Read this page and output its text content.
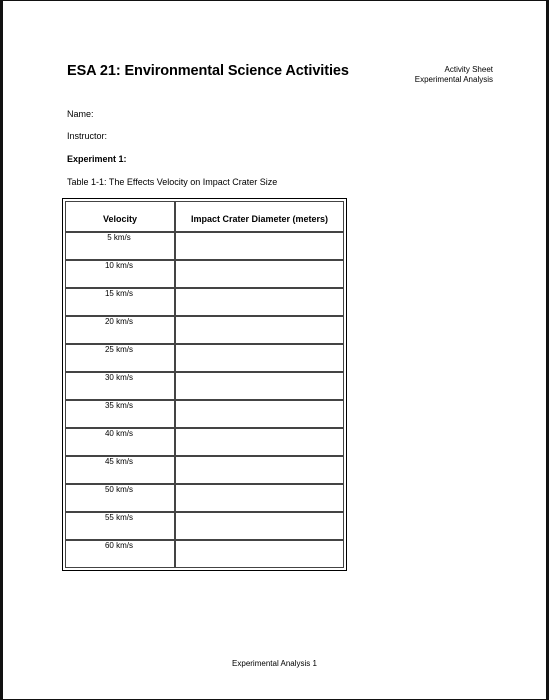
ESA 21: Environmental Science Activities	Activity Sheet
Experimental Analysis
Name:
Instructor:
Experiment 1:
Table 1-1: The Effects Velocity on Impact Crater Size
Velocity	Impact Crater Diameter (meters)

5 km/s	

10 km/s	

15 km/s	

20 km/s	

25 km/s	

30 km/s	

35 km/s	

40 km/s	

45 km/s	

50 km/s	

55 km/s	

60 km/s	

Experimental Analysis 1
